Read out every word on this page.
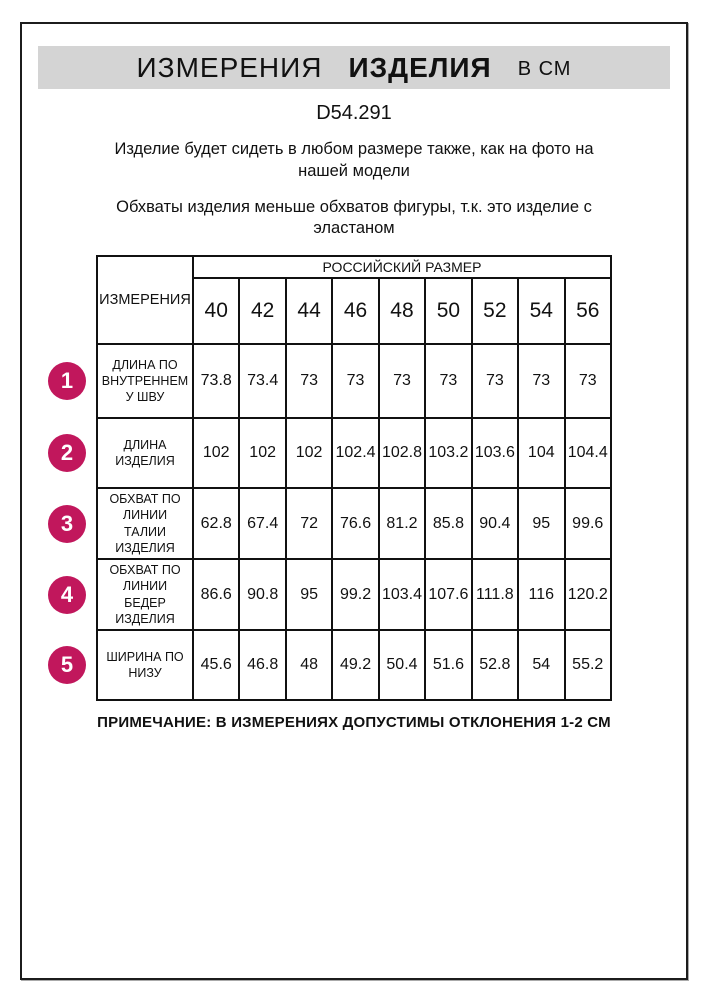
ИЗМЕРЕНИЯ ИЗДЕЛИЯ В СМ
D54.291

Изделие будет сидеть в любом размере также, как на фото на нашей модели

Обхваты изделия меньше обхватов фигуры, т.к. это изделие с эластаном

	ИЗМЕРЕНИЯ	РОССИЙСКИЙ РАЗМЕР								
		40	42	44	46	48	50	52	54	56
1	ДЛИНА ПО ВНУТРЕННЕМУ ШВУ	73.8	73.4	73	73	73	73	73	73	73
2	ДЛИНА ИЗДЕЛИЯ	102	102	102	102.4	102.8	103.2	103.6	104	104.4
3	ОБХВАТ ПО ЛИНИИ ТАЛИИ ИЗДЕЛИЯ	62.8	67.4	72	76.6	81.2	85.8	90.4	95	99.6
4	ОБХВАТ ПО ЛИНИИ БЕДЕР ИЗДЕЛИЯ	86.6	90.8	95	99.2	103.4	107.6	111.8	116	120.2
5	ШИРИНА ПО НИЗУ	45.6	46.8	48	49.2	50.4	51.6	52.8	54	55.2
ПРИМЕЧАНИЕ: В ИЗМЕРЕНИЯХ ДОПУСТИМЫ ОТКЛОНЕНИЯ 1-2 СМ
